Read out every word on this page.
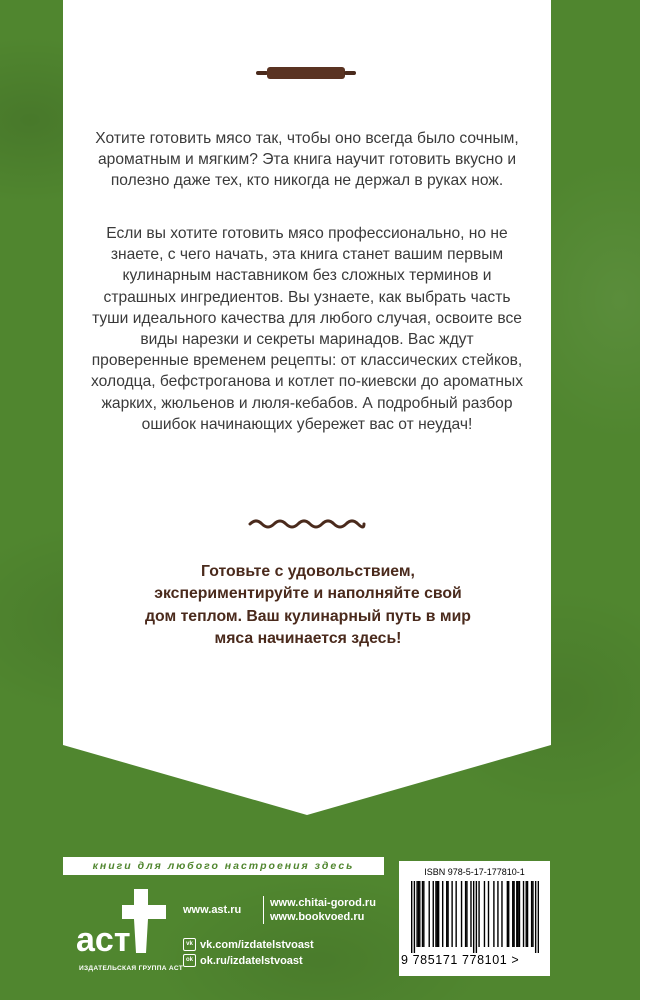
Хотите готовить мясо так, чтобы оно всегда было сочным, ароматным и мягким? Эта книга научит готовить вкусно и полезно даже тех, кто никогда не держал в руках нож.
Если вы хотите готовить мясо профессионально, но не знаете, с чего начать, эта книга станет вашим первым кулинарным наставником без сложных терминов и страшных ингредиентов. Вы узнаете, как выбрать часть туши идеального качества для любого случая, освоите все виды нарезки и секреты маринадов. Вас ждут проверенные временем рецепты: от классических стейков, холодца, бефстроганова и котлет по-киевски до ароматных жарких, жюльенов и люля-кебабов. А подробный разбор ошибок начинающих убережет вас от неудач!
Готовьте с удовольствием, экспериментируйте и наполняйте свой дом теплом. Ваш кулинарный путь в мир мяса начинается здесь!
книги для любого настроения здесь
аст
ИЗДАТЕЛЬСКАЯ ГРУППА АСТ
www.ast.ru
www.chitai-gorod.ru
www.bookvoed.ru
vk vk.com/izdatelstvoast
ok ok.ru/izdatelstvoast
ISBN 978-5-17-177810-1
9 785171 778101 >
